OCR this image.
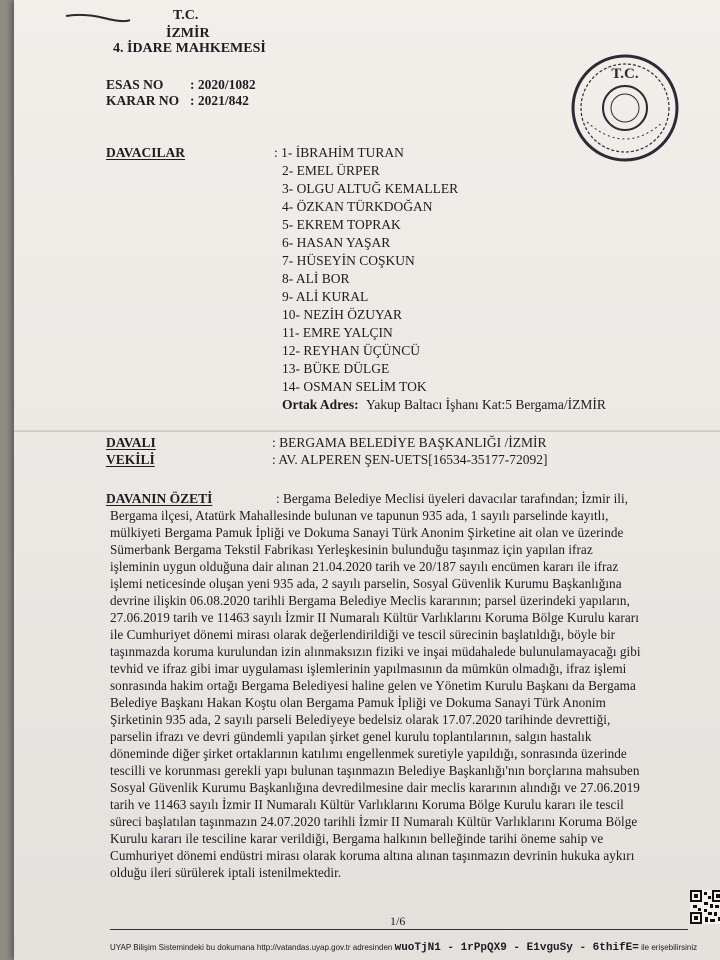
T.C.
İZMİR
4. İDARE MAHKEMESİ
ESAS NO : 2020/1082
KARAR NO : 2021/842
T.C.
DAVACILAR	: 1- İBRAHİM TURAN
2- EMEL ÜRPER
3- OLGU ALTUĞ KEMALLER
4- ÖZKAN TÜRKDOĞAN
5- EKREM TOPRAK
6- HASAN YAŞAR
7- HÜSEYİN COŞKUN
8- ALİ BOR
9- ALİ KURAL
10- NEZİH ÖZUYAR
11- EMRE YALÇIN
12- REYHAN ÜÇÜNCÜ
13- BÜKE DÜLGE
14- OSMAN SELİM TOK
Ortak Adres: Yakup Baltacı İşhanı Kat:5 Bergama/İZMİR
DAVALI	: BERGAMA BELEDİYE BAŞKANLIĞI /İZMİR
VEKİLİ	: AV. ALPEREN ŞEN-UETS[16534-35177-72092]
DAVANIN ÖZETİ	: Bergama Belediye Meclisi üyeleri davacılar tarafından; İzmir ili,
Bergama ilçesi, Atatürk Mahallesinde bulunan ve tapunun 935 ada, 1 sayılı parselinde kayıtlı,
mülkiyeti Bergama Pamuk İpliği ve Dokuma Sanayi Türk Anonim Şirketine ait olan ve üzerinde
Sümerbank Bergama Tekstil Fabrikası Yerleşkesinin bulunduğu taşınmaz için yapılan ifraz
işleminin uygun olduğuna dair alınan 21.04.2020 tarih ve 20/187 sayılı encümen kararı ile ifraz
işlemi neticesinde oluşan yeni 935 ada, 2 sayılı parselin, Sosyal Güvenlik Kurumu Başkanlığına
devrine ilişkin 06.08.2020 tarihli Bergama Belediye Meclis kararının; parsel üzerindeki yapıların,
27.06.2019 tarih ve 11463 sayılı İzmir II Numaralı Kültür Varlıklarını Koruma Bölge Kurulu kararı
ile Cumhuriyet dönemi mirası olarak değerlendirildiği ve tescil sürecinin başlatıldığı, böyle bir
taşınmazda koruma kurulundan izin alınmaksızın fiziki ve inşai müdahalede bulunulamayacağı gibi
tevhid ve ifraz gibi imar uygulaması işlemlerinin yapılmasının da mümkün olmadığı, ifraz işlemi
sonrasında hakim ortağı Bergama Belediyesi haline gelen ve Yönetim Kurulu Başkanı da Bergama
Belediye Başkanı Hakan Koştu olan Bergama Pamuk İpliği ve Dokuma Sanayi Türk Anonim
Şirketinin 935 ada, 2 sayılı parseli Belediyeye bedelsiz olarak 17.07.2020 tarihinde devrettiği,
parselin ifrazı ve devri gündemli yapılan şirket genel kurulu toplantılarının, salgın hastalık
döneminde diğer şirket ortaklarının katılımı engellenmek suretiyle yapıldığı, sonrasında üzerinde
tescilli ve korunması gerekli yapı bulunan taşınmazın Belediye Başkanlığı'nın borçlarına mahsuben
Sosyal Güvenlik Kurumu Başkanlığına devredilmesine dair meclis kararının alındığı ve 27.06.2019
tarih ve 11463 sayılı İzmir II Numaralı Kültür Varlıklarını Koruma Bölge Kurulu kararı ile tescil
süreci başlatılan taşınmazın 24.07.2020 tarihli İzmir II Numaralı Kültür Varlıklarını Koruma Bölge
Kurulu kararı ile tesciline karar verildiği, Bergama halkının belleğinde tarihi öneme sahip ve
Cumhuriyet dönemi endüstri mirası olarak koruma altına alınan taşınmazın devrinin hukuka aykırı
olduğu ileri sürülerek iptali istenilmektedir.
1/6
UYAP Bilişim Sistemindeki bu dokumana http://vatandas.uyap.gov.tr adresinden wuoTjN1 - 1rPpQX9 - E1vguSy - 6thifE= ile erişebilirsiniz
